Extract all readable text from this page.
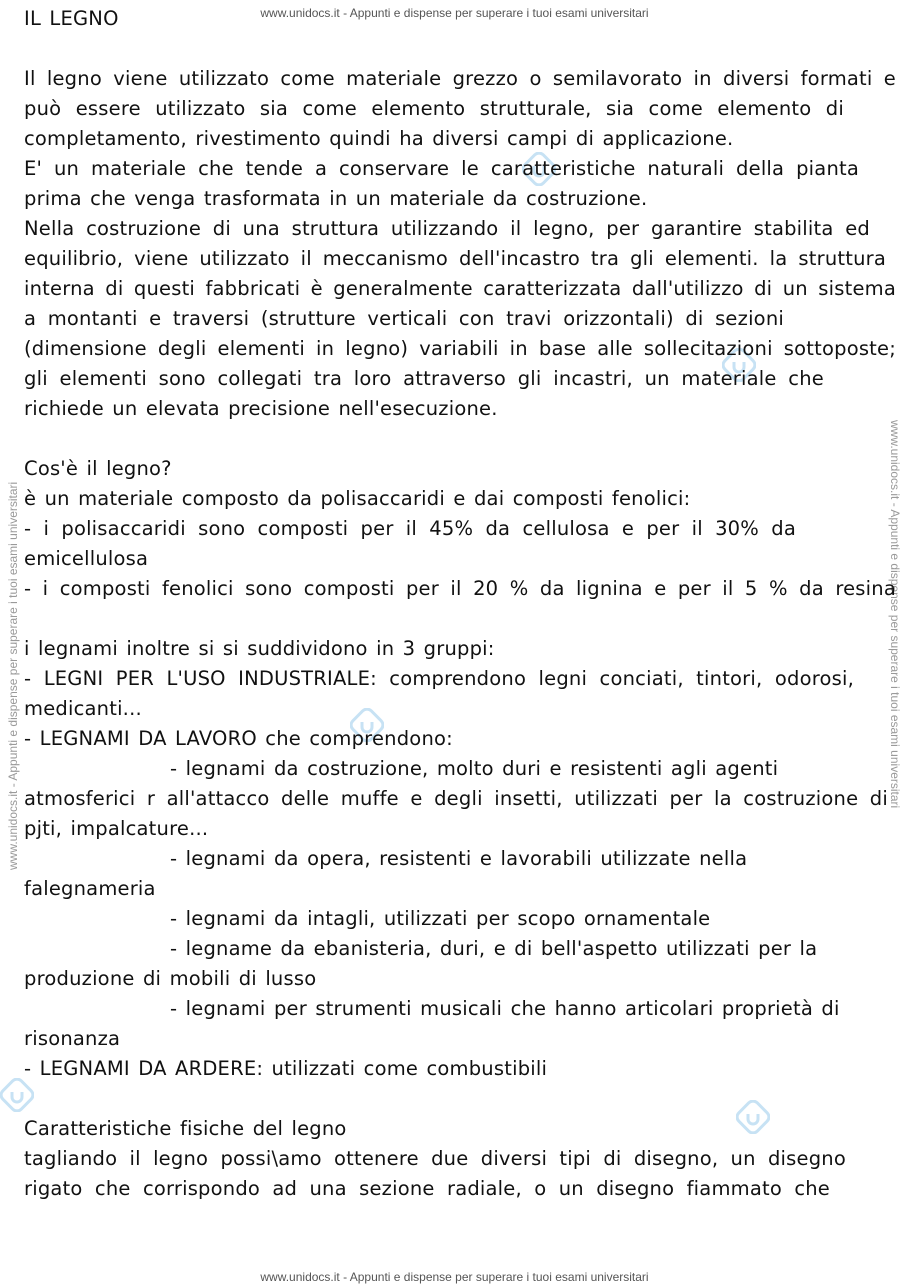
www.unidocs.it - Appunti e dispense per superare i tuoi esami universitari
www.unidocs.it - Appunti e dispense per superare i tuoi esami universitari	www.unidocs.it - Appunti e dispense per superare i tuoi esami universitari
www.unidocs.it - Appunti e dispense per superare i tuoi esami universitari
IL LEGNO
Il legno viene utilizzato come materiale grezzo o semilavorato in diversi formati e
può essere utilizzato sia come elemento strutturale, sia come elemento di
completamento, rivestimento quindi ha diversi campi di applicazione.
E' un materiale che tende a conservare le caratteristiche naturali della pianta
prima che venga trasformata in un materiale da costruzione.
Nella costruzione di una struttura utilizzando il legno, per garantire stabilita ed
equilibrio, viene utilizzato il meccanismo dell'incastro tra gli elementi. la struttura
interna di questi fabbricati è generalmente caratterizzata dall'utilizzo di un sistema
a montanti e traversi (strutture verticali con travi orizzontali) di sezioni
(dimensione degli elementi in legno) variabili in base alle sollecitazioni sottoposte;
gli elementi sono collegati tra loro attraverso gli incastri, un materiale che
richiede un elevata precisione nell'esecuzione.
Cos'è il legno?
è un materiale composto da polisaccaridi e dai composti fenolici:
- i polisaccaridi sono composti per il 45% da cellulosa e per il 30% da
emicellulosa
- i composti fenolici sono composti per il 20 % da lignina e per il 5 % da resina
i legnami inoltre si si suddividono in 3 gruppi:
- LEGNI PER L'USO INDUSTRIALE: comprendono legni conciati, tintori, odorosi,
medicanti...
- LEGNAMI DA LAVORO che comprendono:
- legnami da costruzione, molto duri e resistenti agli agenti
atmosferici r all'attacco delle muffe e degli insetti, utilizzati per la costruzione di
pjti, impalcature...
- legnami da opera, resistenti e lavorabili utilizzate nella
falegnameria
- legnami da intagli, utilizzati per scopo ornamentale
- legname da ebanisteria, duri, e di bell'aspetto utilizzati per la
produzione di mobili di lusso
- legnami per strumenti musicali che hanno articolari proprietà di
risonanza
- LEGNAMI DA ARDERE: utilizzati come combustibili
Caratteristiche fisiche del legno
tagliando il legno possi\amo ottenere due diversi tipi di disegno, un disegno
rigato che corrispondo ad una sezione radiale, o un disegno fiammato che
